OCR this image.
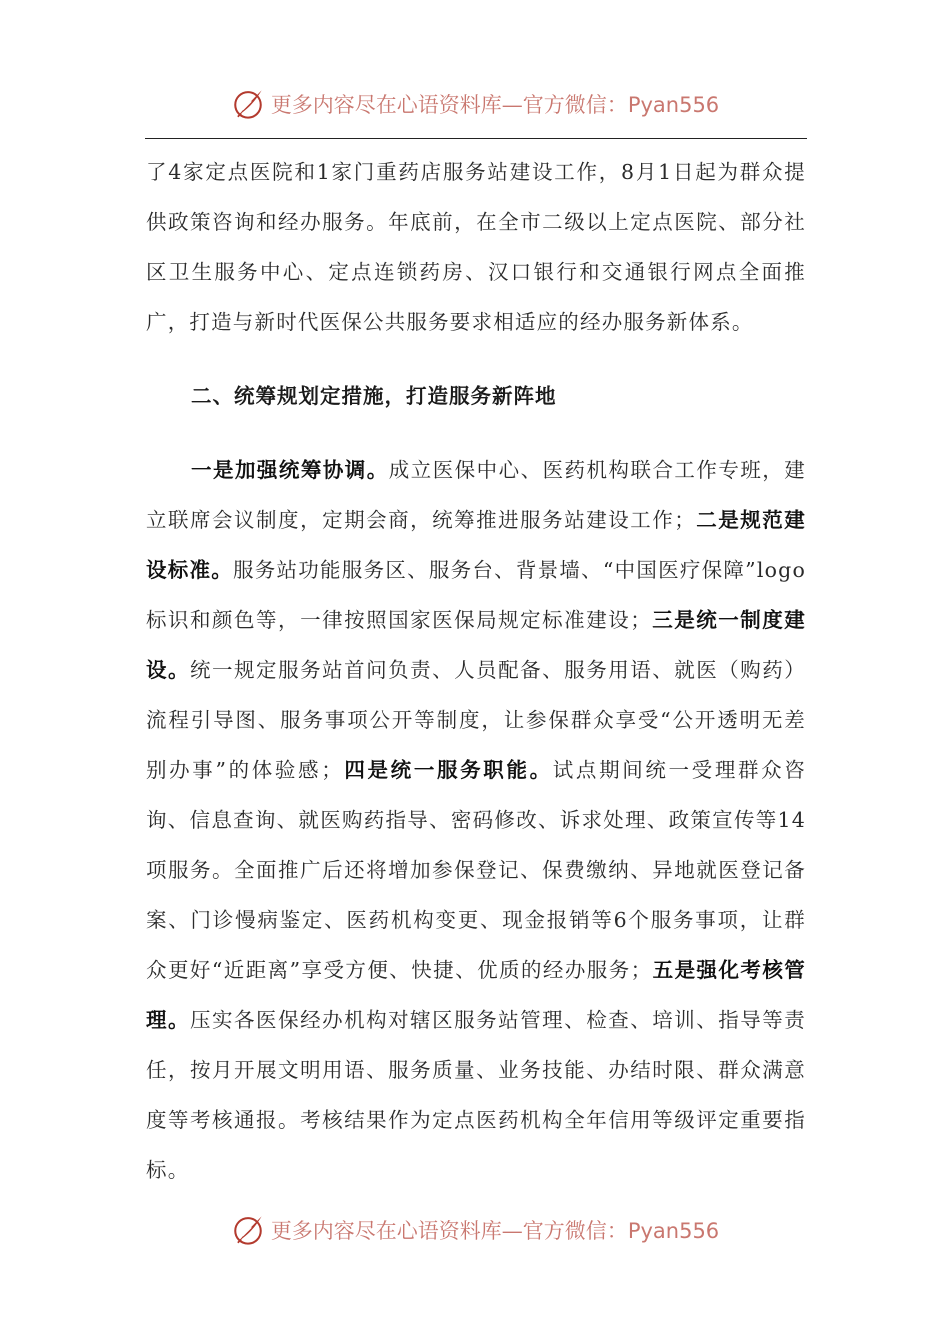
更多内容尽在心语资料库—官方微信：Pyan556

了4家定点医院和1家门重药店服务站建设工作，8月1日起为群众提供政策咨询和经办服务。年底前，在全市二级以上定点医院、部分社区卫生服务中心、定点连锁药房、汉口银行和交通银行网点全面推广，打造与新时代医保公共服务要求相适应的经办服务新体系。

二、统筹规划定措施，打造服务新阵地

一是加强统筹协调。成立医保中心、医药机构联合工作专班，建立联席会议制度，定期会商，统筹推进服务站建设工作；二是规范建设标准。服务站功能服务区、服务台、背景墙、“中国医疗保障”logo标识和颜色等，一律按照国家医保局规定标准建设；三是统一制度建设。统一规定服务站首问负责、人员配备、服务用语、就医（购药）流程引导图、服务事项公开等制度，让参保群众享受“公开透明无差别办事”的体验感；四是统一服务职能。试点期间统一受理群众咨询、信息查询、就医购药指导、密码修改、诉求处理、政策宣传等14项服务。全面推广后还将增加参保登记、保费缴纳、异地就医登记备案、门诊慢病鉴定、医药机构变更、现金报销等6个服务事项，让群众更好“近距离”享受方便、快捷、优质的经办服务；五是强化考核管理。压实各医保经办机构对辖区服务站管理、检查、培训、指导等责任，按月开展文明用语、服务质量、业务技能、办结时限、群众满意度等考核通报。考核结果作为定点医药机构全年信用等级评定重要指标。

更多内容尽在心语资料库—官方微信：Pyan556
